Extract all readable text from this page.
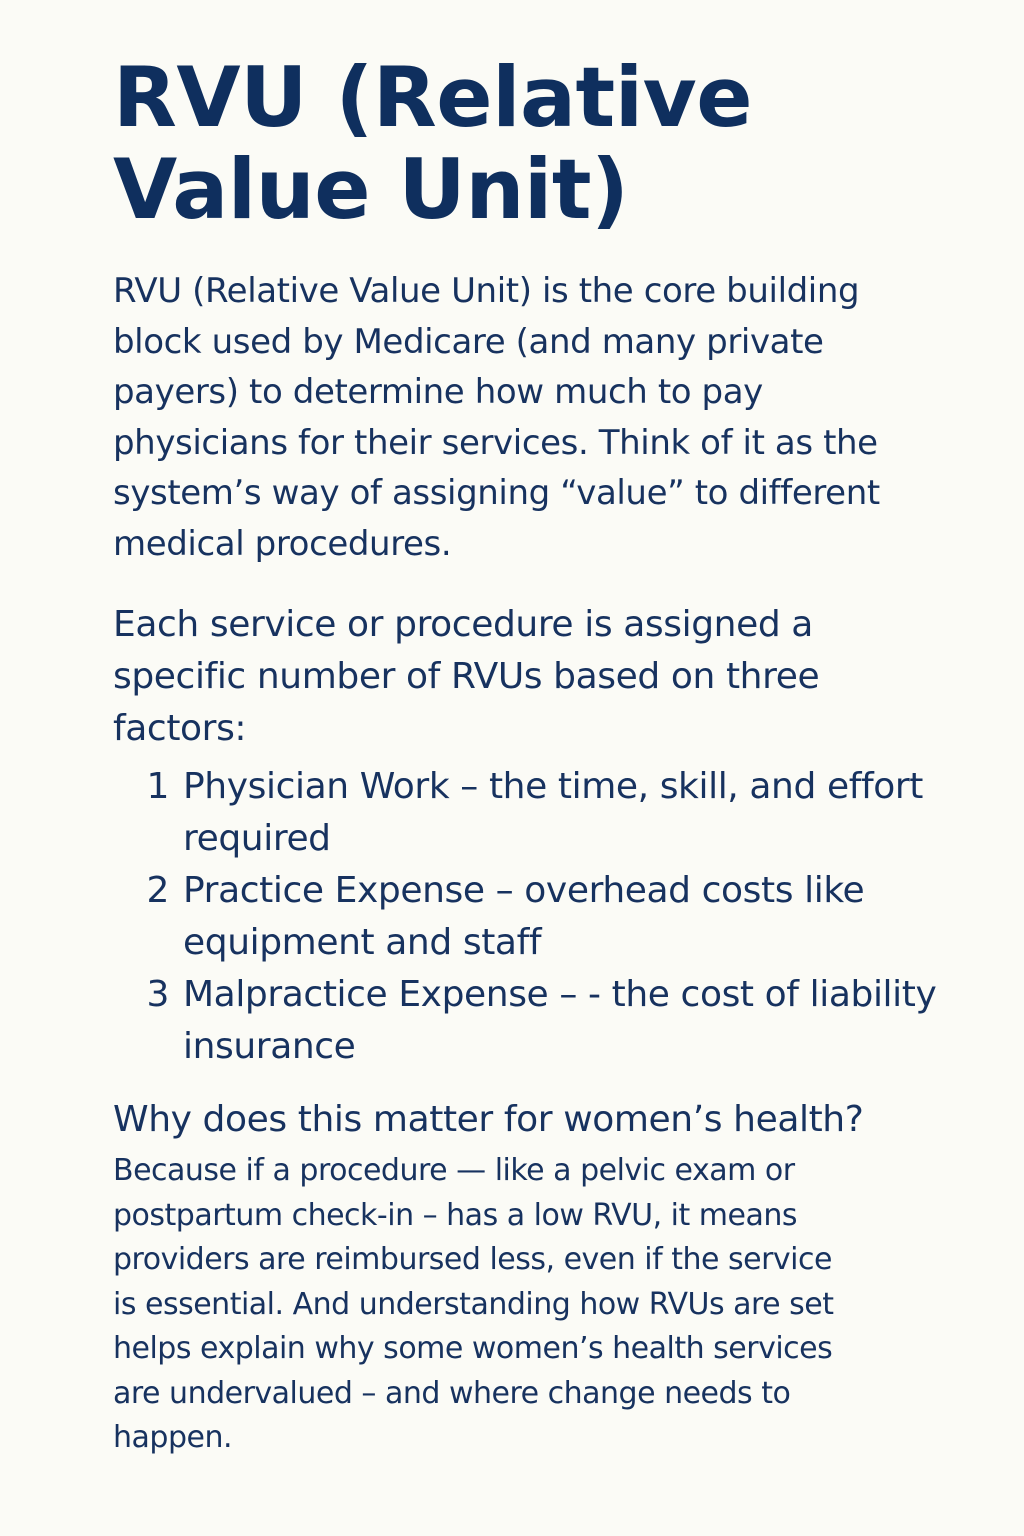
RVU (Relative Value Unit)

RVU (Relative Value Unit) is the core building block used by Medicare (and many private payers) to determine how much to pay physicians for their services. Think of it as the system’s way of assigning “value” to different medical procedures.

Each service or procedure is assigned a specific number of RVUs based on three factors:

1 Physician Work – the time, skill, and effort required
2 Practice Expense – overhead costs like equipment and staff
3 Malpractice Expense – - the cost of liability insurance
Why does this matter for women’s health?

Because if a procedure — like a pelvic exam or postpartum check-in – has a low RVU, it means providers are reimbursed less, even if the service is essential. And understanding how RVUs are set helps explain why some women’s health services are undervalued – and where change needs to happen.
